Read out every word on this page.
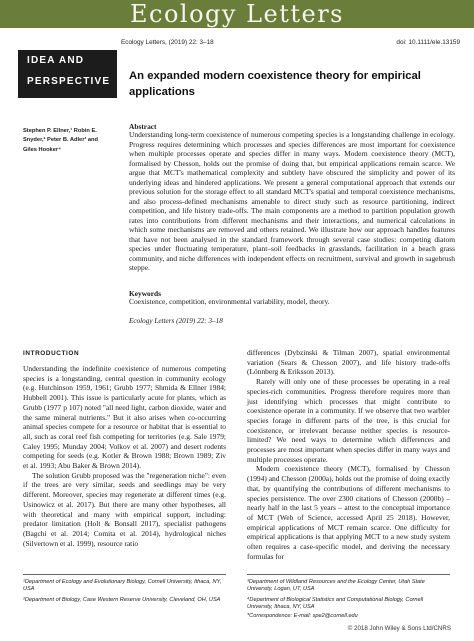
Ecology Letters
Ecology Letters, (2019) 22: 3–18	doi: 10.1111/ele.13159
IDEA AND
PERSPECTIVE An expanded modern coexistence theory for empirical applications
Stephen P. Ellner,¹ Robin E.
Snyder,² Peter B. Adler³ and
Giles Hooker⁴
Abstract
Understanding long-term coexistence of numerous competing species is a longstanding challenge in ecology. Progress requires determining which processes and species differences are most important for coexistence when multiple processes operate and species differ in many ways. Modern coexistence theory (MCT), formalised by Chesson, holds out the promise of doing that, but empirical applications remain scarce. We argue that MCT's mathematical complexity and subtlety have obscured the simplicity and power of its underlying ideas and hindered applications. We present a general computational approach that extends our previous solution for the storage effect to all standard MCT's spatial and temporal coexistence mechanisms, and also process-defined mechanisms amenable to direct study such as resource partitioning, indirect competition, and life history trade-offs. The main components are a method to partition population growth rates into contributions from different mechanisms and their interactions, and numerical calculations in which some mechanisms are removed and others retained. We illustrate how our approach handles features that have not been analysed in the standard framework through several case studies: competing diatom species under fluctuating temperature, plant–soil feedbacks in grasslands, facilitation in a beach grass community, and niche differences with independent effects on recruitment, survival and growth in sagebrush steppe.
Keywords
Coexistence, competition, environmental variability, model, theory.
Ecology Letters (2019) 22: 3–18
INTRODUCTION

Understanding the indefinite coexistence of numerous competing species is a longstanding, central question in community ecology (e.g. Hutchinson 1959, 1961; Grubb 1977; Shmida & Ellner 1984; Hubbell 2001). This issue is particularly acute for plants, which as Grubb (1977 p 107) noted "all need light, carbon dioxide, water and the same mineral nutrients." But it also arises when co-occurring animal species compete for a resource or habitat that is essential to all, such as coral reef fish competing for territories (e.g. Sale 1979; Caley 1995; Munday 2004; Volkov et al. 2007) and desert rodents competing for seeds (e.g. Kotler & Brown 1988; Brown 1989; Ziv et al. 1993; Abu Baker & Brown 2014).

The solution Grubb proposed was the "regeneration niche": even if the trees are very similar, seeds and seedlings may be very different. Moreover, species may regenerate at different times (e.g. Usinowicz et al. 2017). But there are many other hypotheses, all with theoretical and many with empirical support, including: predator limitation (Holt & Bonsall 2017), specialist pathogens (Bagchi et al. 2014; Comita et al. 2014), hydrological niches (Silvertown et al. 1999), resource ratio

differences (Dybzinski & Tilman 2007), spatial environmental variation (Sears & Chesson 2007), and life history trade-offs (Lönnberg & Eriksson 2013).

Rarely will only one of these processes be operating in a real species-rich communities. Progress therefore requires more than just identifying which processes that might contribute to coexistence operate in a community. If we observe that two warbler species forage in different parts of the tree, is this crucial for coexistence, or irrelevant because neither species is resource-limited? We need ways to determine which differences and processes are most important when species differ in many ways and multiple processes operate.

Modern coexistence theory (MCT), formalised by Chesson (1994) and Chesson (2000a), holds out the promise of doing exactly that, by quantifying the contributions of different mechanisms to species persistence. The over 2300 citations of Chesson (2000b) – nearly half in the last 5 years – attest to the conceptual importance of MCT (Web of Science, accessed April 25 2018). However, empirical applications of MCT remain scarce. One difficulty for empirical applications is that applying MCT to a new study system often requires a case-specific model, and deriving the necessary formulas for

¹Department of Ecology and Evolutionary Biology, Cornell University, Ithaca, NY, USA
²Department of Biology, Case Western Reserve University, Cleveland, OH, USA
³Department of Wildland Resources and the Ecology Center, Utah State University, Logan, UT, USA
⁴Department of Biological Statistics and Computational Biology, Cornell University, Ithaca, NY, USA
*Correspondence: E-mail: spe2@cornell.edu
© 2018 John Wiley & Sons Ltd/CNRS
